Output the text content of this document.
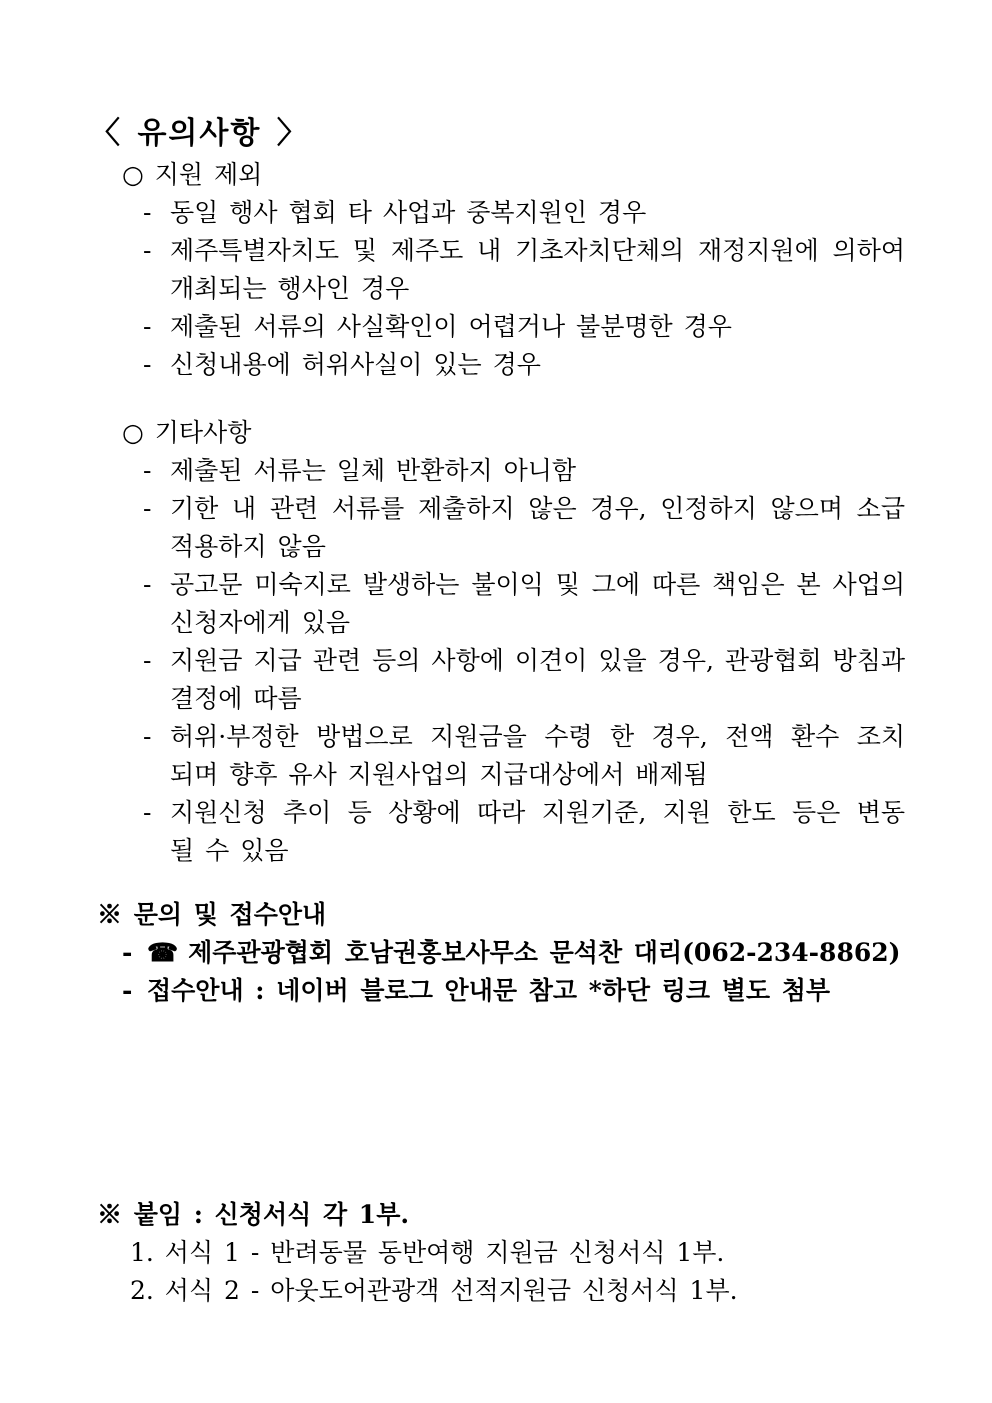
〈 유의사항 〉
○ 지원 제외
- 동일 행사 협회 타 사업과 중복지원인 경우
- 제주특별자치도 및 제주도 내 기초자치단체의 재정지원에 의하여
개최되는 행사인 경우
- 제출된 서류의 사실확인이 어렵거나 불분명한 경우
- 신청내용에 허위사실이 있는 경우
○ 기타사항
- 제출된 서류는 일체 반환하지 아니함
- 기한 내 관련 서류를 제출하지 않은 경우, 인정하지 않으며 소급
적용하지 않음
- 공고문 미숙지로 발생하는 불이익 및 그에 따른 책임은 본 사업의
신청자에게 있음
- 지원금 지급 관련 등의 사항에 이견이 있을 경우, 관광협회 방침과
결정에 따름
- 허위·부정한 방법으로 지원금을 수령 한 경우, 전액 환수 조치
되며 향후 유사 지원사업의 지급대상에서 배제됨
- 지원신청 추이 등 상황에 따라 지원기준, 지원 한도 등은 변동
될 수 있음
※ 문의 및 접수안내
- ☎ 제주관광협회 호남권홍보사무소 문석찬 대리(062-234-8862)
- 접수안내 : 네이버 블로그 안내문 참고 *하단 링크 별도 첨부
※ 붙임 : 신청서식 각 1부.
1. 서식 1 - 반려동물 동반여행 지원금 신청서식 1부.
2. 서식 2 - 아웃도어관광객 선적지원금 신청서식 1부.
